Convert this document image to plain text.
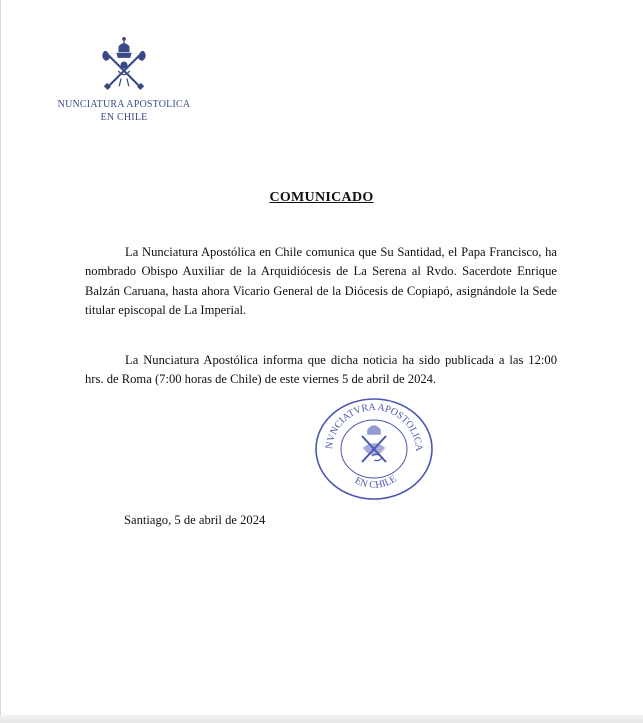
NUNCIATURA APOSTOLICA
EN CHILE
COMUNICADO

La Nunciatura Apostólica en Chile comunica que Su Santidad, el Papa Francisco, ha nombrado Obispo Auxiliar de la Arquidiócesis de La Serena al Rvdo. Sacerdote Enrique Balzán Caruana, hasta ahora Vicario General de la Diócesis de Copiapó, asignándole la Sede titular episcopal de La Imperial.

La Nunciatura Apostólica informa que dicha noticia ha sido publicada a las 12:00 hrs. de Roma (7:00 horas de Chile) de este viernes 5 de abril de 2024.

NVNCIATVRA APOSTOLICA
EN CHILE
Santiago, 5 de abril de 2024
